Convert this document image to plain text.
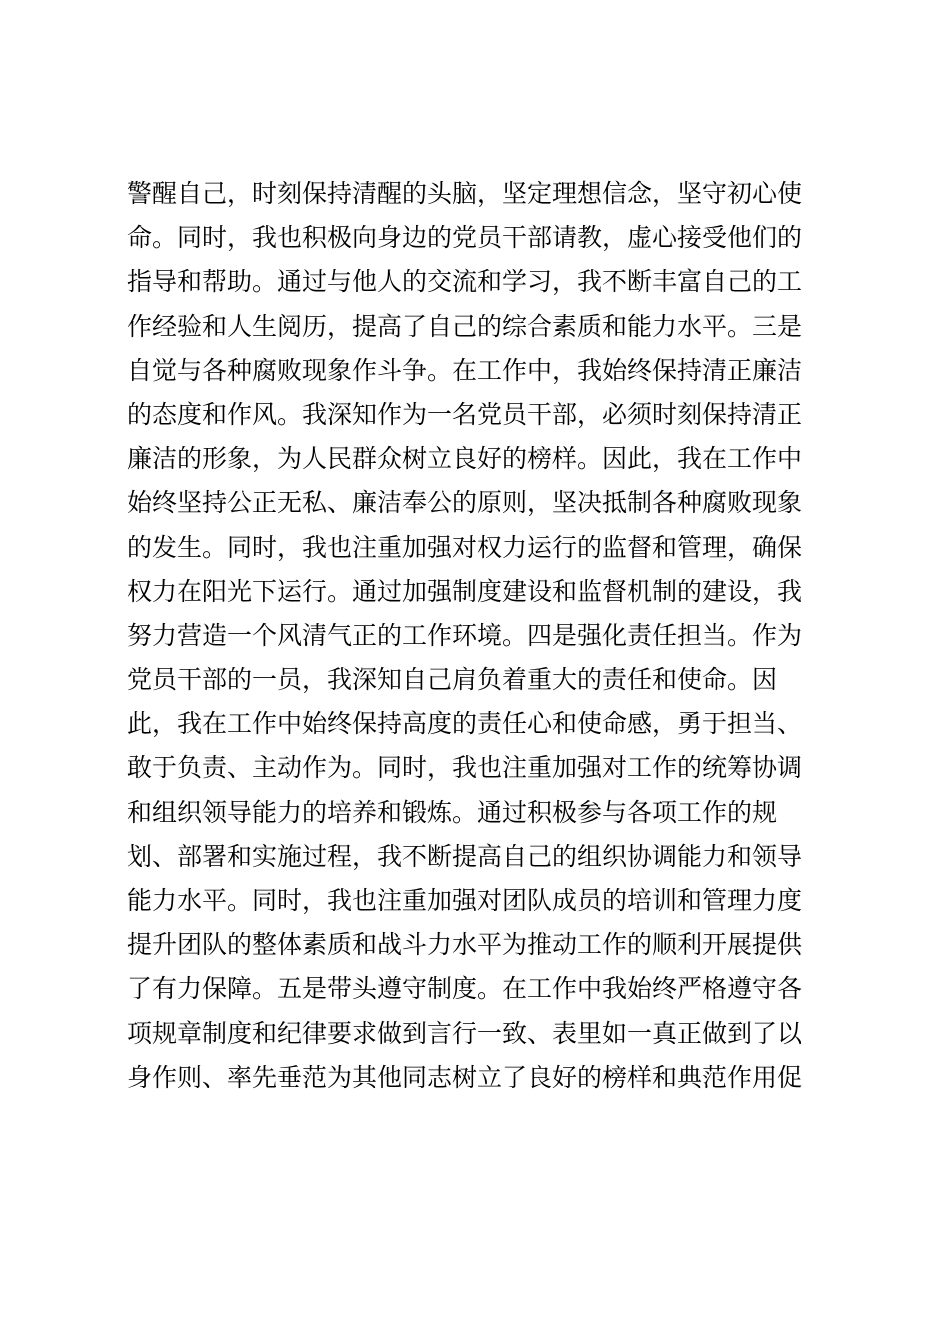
警醒自己，时刻保持清醒的头脑，坚定理想信念，坚守初心使
命。同时，我也积极向身边的党员干部请教，虚心接受他们的
指导和帮助。通过与他人的交流和学习，我不断丰富自己的工
作经验和人生阅历，提高了自己的综合素质和能力水平。三是
自觉与各种腐败现象作斗争。在工作中，我始终保持清正廉洁
的态度和作风。我深知作为一名党员干部，必须时刻保持清正
廉洁的形象，为人民群众树立良好的榜样。因此，我在工作中
始终坚持公正无私、廉洁奉公的原则，坚决抵制各种腐败现象
的发生。同时，我也注重加强对权力运行的监督和管理，确保
权力在阳光下运行。通过加强制度建设和监督机制的建设，我
努力营造一个风清气正的工作环境。四是强化责任担当。作为
党员干部的一员，我深知自己肩负着重大的责任和使命。因
此，我在工作中始终保持高度的责任心和使命感，勇于担当、
敢于负责、主动作为。同时，我也注重加强对工作的统筹协调
和组织领导能力的培养和锻炼。通过积极参与各项工作的规
划、部署和实施过程，我不断提高自己的组织协调能力和领导
能力水平。同时，我也注重加强对团队成员的培训和管理力度
提升团队的整体素质和战斗力水平为推动工作的顺利开展提供
了有力保障。五是带头遵守制度。在工作中我始终严格遵守各
项规章制度和纪律要求做到言行一致、表里如一真正做到了以
身作则、率先垂范为其他同志树立了良好的榜样和典范作用促
